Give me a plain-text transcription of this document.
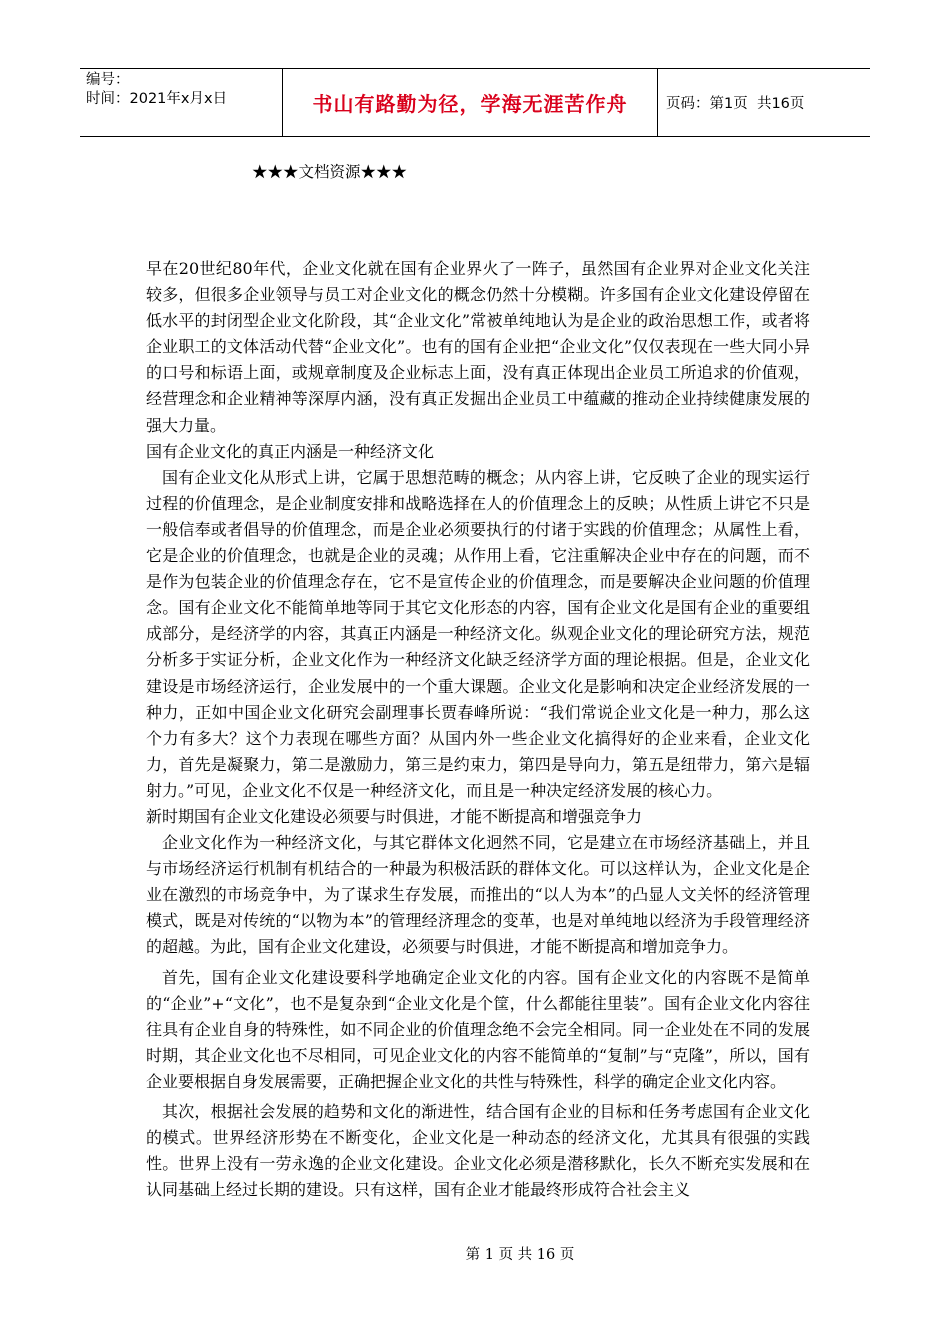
编号：
时间：2021年x月x日	书山有路勤为径，学海无涯苦作舟	页码：第1页  共16页
★★★文档资源★★★

早在20世纪80年代，企业文化就在国有企业界火了一阵子，虽然国有企业界对企业文化关注较多，但很多企业领导与员工对企业文化的概念仍然十分模糊。许多国有企业文化建设停留在低水平的封闭型企业文化阶段，其“企业文化”常被单纯地认为是企业的政治思想工作，或者将企业职工的文体活动代替“企业文化”。也有的国有企业把“企业文化”仅仅表现在一些大同小异的口号和标语上面，或规章制度及企业标志上面，没有真正体现出企业员工所追求的价值观，经营理念和企业精神等深厚内涵，没有真正发掘出企业员工中蕴藏的推动企业持续健康发展的强大力量。

国有企业文化的真正内涵是一种经济文化

国有企业文化从形式上讲，它属于思想范畴的概念；从内容上讲，它反映了企业的现实运行过程的价值理念，是企业制度安排和战略选择在人的价值理念上的反映；从性质上讲它不只是一般信奉或者倡导的价值理念，而是企业必须要执行的付诸于实践的价值理念；从属性上看，它是企业的价值理念，也就是企业的灵魂；从作用上看，它注重解决企业中存在的问题，而不是作为包装企业的价值理念存在，它不是宣传企业的价值理念，而是要解决企业问题的价值理念。国有企业文化不能简单地等同于其它文化形态的内容，国有企业文化是国有企业的重要组成部分，是经济学的内容，其真正内涵是一种经济文化。纵观企业文化的理论研究方法，规范分析多于实证分析，企业文化作为一种经济文化缺乏经济学方面的理论根据。但是，企业文化建设是市场经济运行，企业发展中的一个重大课题。企业文化是影响和决定企业经济发展的一种力，正如中国企业文化研究会副理事长贾春峰所说：“我们常说企业文化是一种力，那么这个力有多大？这个力表现在哪些方面？从国内外一些企业文化搞得好的企业来看，企业文化力，首先是凝聚力，第二是激励力，第三是约束力，第四是导向力，第五是纽带力，第六是辐射力。”可见，企业文化不仅是一种经济文化，而且是一种决定经济发展的核心力。

新时期国有企业文化建设必须要与时俱进，才能不断提高和增强竞争力

企业文化作为一种经济文化，与其它群体文化迥然不同，它是建立在市场经济基础上，并且与市场经济运行机制有机结合的一种最为积极活跃的群体文化。可以这样认为，企业文化是企业在激烈的市场竞争中，为了谋求生存发展，而推出的“以人为本”的凸显人文关怀的经济管理模式，既是对传统的“以物为本”的管理经济理念的变革，也是对单纯地以经济为手段管理经济的超越。为此，国有企业文化建设，必须要与时俱进，才能不断提高和增加竞争力。

首先，国有企业文化建设要科学地确定企业文化的内容。国有企业文化的内容既不是简单的“企业”+“文化”，也不是复杂到“企业文化是个筐，什么都能往里装”。国有企业文化内容往往具有企业自身的特殊性，如不同企业的价值理念绝不会完全相同。同一企业处在不同的发展时期，其企业文化也不尽相同，可见企业文化的内容不能简单的“复制”与“克隆”，所以，国有企业要根据自身发展需要，正确把握企业文化的共性与特殊性，科学的确定企业文化内容。

其次，根据社会发展的趋势和文化的渐进性，结合国有企业的目标和任务考虑国有企业文化的模式。世界经济形势在不断变化，企业文化是一种动态的经济文化，尤其具有很强的实践性。世界上没有一劳永逸的企业文化建设。企业文化必须是潜移默化，长久不断充实发展和在认同基础上经过长期的建设。只有这样，国有企业才能最终形成符合社会主义

第 1 页 共 16 页
